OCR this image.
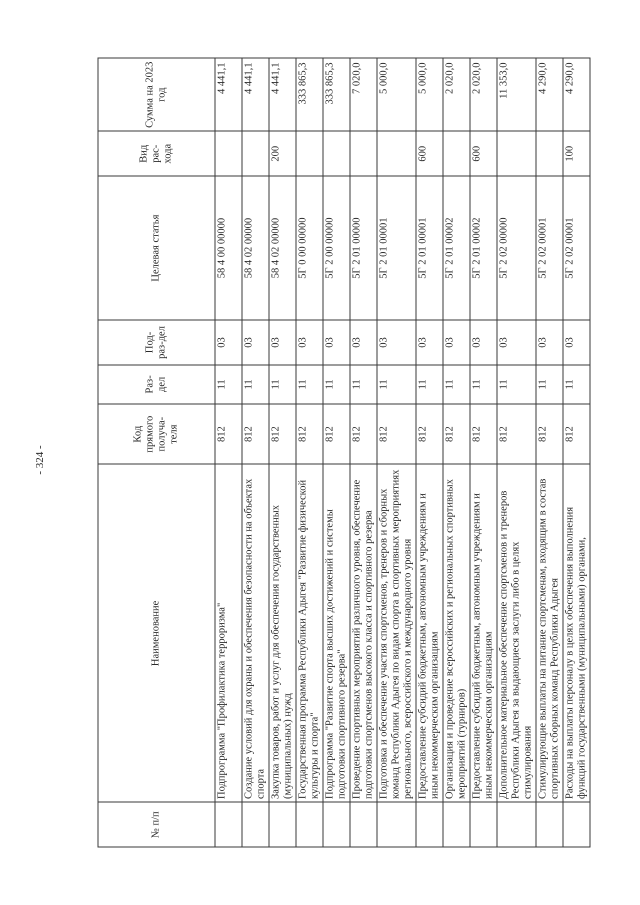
- 324 -
№ п/п	Наименование	Код прямого получа-теля	Раз-дел	Под-раз-дел	Целевая статья	Вид рас-хода	Сумма на 2023 год
	Подпрограмма "Профилактика терроризма"	812	11	03	58 4 00 00000		4 441,1
	Создание условий для охраны и обеспечения безопасности на объектах спорта	812	11	03	58 4 02 00000		4 441,1
	Закупка товаров, работ и услуг для обеспечения государственных (муниципальных) нужд	812	11	03	58 4 02 00000	200	4 441,1
	Государственная программа Республики Адыгея "Развитие физической культуры и спорта"	812	11	03	5Г 0 00 00000		333 865,3
	Подпрограмма "Развитие спорта высших достижений и системы подготовки спортивного резерва"	812	11	03	5Г 2 00 00000		333 865,3
	Проведение спортивных мероприятий различного уровня, обеспечение подготовки спортсменов высокого класса и спортивного резерва	812	11	03	5Г 2 01 00000		7 020,0
	Подготовка и обеспечение участия спортсменов, тренеров и сборных команд Республики Адыгея по видам спорта в спортивных мероприятиях регионального, всероссийского и международного уровня	812	11	03	5Г 2 01 00001		5 000,0
	Предоставление субсидий бюджетным, автономным учреждениям и иным некоммерческим организациям	812	11	03	5Г 2 01 00001	600	5 000,0
	Организация и проведение всероссийских и региональных спортивных мероприятий (турниров)	812	11	03	5Г 2 01 00002		2 020,0
	Предоставление субсидий бюджетным, автономным учреждениям и иным некоммерческим организациям	812	11	03	5Г 2 01 00002	600	2 020,0
	Дополнительное материальное обеспечение спортсменов и тренеров Республики Адыгея за выдающиеся заслуги либо в целях стимулирования	812	11	03	5Г 2 02 00000		11 353,0
	Стимулирующие выплаты на питание спортсменам, входящим в состав спортивных сборных команд Республики Адыгея	812	11	03	5Г 2 02 00001		4 290,0
	Расходы на выплаты персоналу в целях обеспечения выполнения функций государственными (муниципальными) органами,	812	11	03	5Г 2 02 00001	100	4 290,0
